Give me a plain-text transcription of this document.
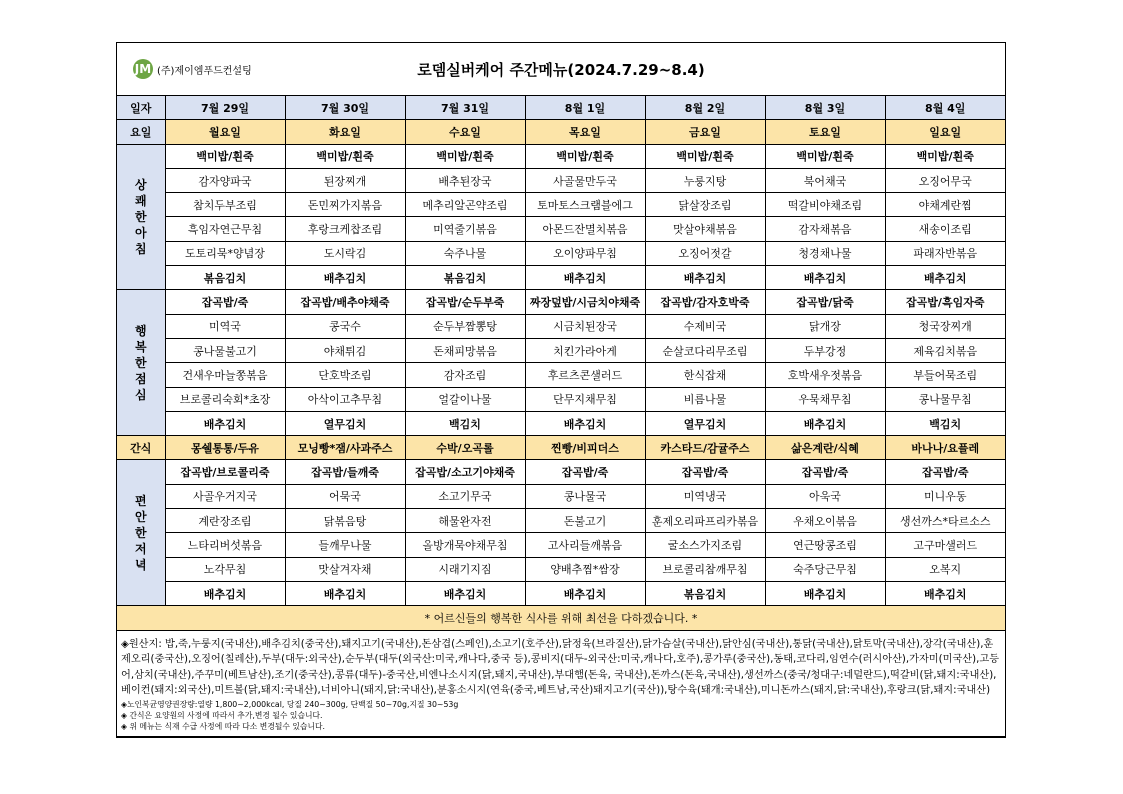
JM (주)제이엠푸드컨설팅	로뎀실버케어 주간메뉴(2024.7.29~8.4)
일자	7월 29일	7월 30일	7월 31일	8월 1일	8월 2일	8월 3일	8월 4일
요일	월요일	화요일	수요일	목요일	금요일	토요일	일요일

상
쾌
한
아
침	백미밥/흰죽	백미밥/흰죽	백미밥/흰죽	백미밥/흰죽	백미밥/흰죽	백미밥/흰죽	백미밥/흰죽
	감자양파국	된장찌개	배추된장국	사골물만두국	누룽지탕	북어채국	오징어무국
	참치두부조림	돈민찌가지볶음	메추리알곤약조림	토마토스크램블에그	닭살장조림	떡갈비야채조림	야채계란찜
	흑임자연근무침	후랑크케찹조림	미역줄기볶음	아몬드잔멸치볶음	맛살야채볶음	감자채볶음	새송이조림
	도토리묵*양념장	도시락김	숙주나물	오이양파무침	오징어젓갈	청경채나물	파래자반볶음
	볶음김치	배추김치	볶음김치	배추김치	배추김치	배추김치	배추김치

행
복
한
점
심	잡곡밥/죽	잡곡밥/배추야채죽	잡곡밥/순두부죽	짜장덮밥/시금치야채죽	잡곡밥/감자호박죽	잡곡밥/닭죽	잡곡밥/흑임자죽
	미역국	콩국수	순두부짬뽕탕	시금치된장국	수제비국	닭개장	청국장찌개
	콩나물불고기	야채튀김	돈채피망볶음	치킨가라아게	순살코다리무조림	두부강정	제육김치볶음
	건새우마늘쫑볶음	단호박조림	감자조림	후르츠콘샐러드	한식잡채	호박새우젓볶음	부들어묵조림
	브로콜리숙회*초장	아삭이고추무침	얼갈이나물	단무지채무침	비름나물	우묵채무침	콩나물무침
	배추김치	열무김치	백김치	배추김치	열무김치	배추김치	백김치
간식	몽쉘통통/두유	모닝빵*잼/사과주스	수박/오곡롤	찐빵/비피더스	카스타드/감귤주스	삶은계란/식혜	바나나/요플레

편
안
한
저
녁	잡곡밥/브로콜리죽	잡곡밥/들깨죽	잡곡밥/소고기야채죽	잡곡밥/죽	잡곡밥/죽	잡곡밥/죽	잡곡밥/죽
	사골우거지국	어묵국	소고기무국	콩나물국	미역냉국	아욱국	미니우동
	계란장조림	닭볶음탕	해물완자전	돈불고기	훈제오리파프리카볶음	우채오이볶음	생선까스*타르소스
	느타리버섯볶음	들깨무나물	올방개묵야채무침	고사리들깨볶음	굴소스가지조림	연근땅콩조림	고구마샐러드
	노각무침	맛살겨자채	시래기지짐	양배추찜*쌈장	브로콜리참깨무침	숙주당근무침	오복지
	배추김치	배추김치	배추김치	배추김치	볶음김치	배추김치	배추김치
* 어르신들의 행복한 식사를 위해 최선을 다하겠습니다. *							

◈원산지: 밥,죽,누룽지(국내산),배추김치(중국산),돼지고기(국내산),돈삼겹(스페인),소고기(호주산),닭정육(브라질산),닭가슴살(국내산),닭안심(국내산),통닭(국내산),닭토막(국내산),장각(국내산),훈제오리(중국산),오징어(칠레산),두부(대두:외국산),순두부(대두(외국산:미국,캐나다,중국 등),콩비지(대두-외국산:미국,캐나다,호주),콩가루(중국산),동태,코다리,임연수(러시아산),가자미(미국산),고등어,삼치(국내산),주꾸미(베트남산),조기(중국산),콩류(대두)-중국산,비엔나소시지(닭,돼지,국내산),부대햄(돈육, 국내산),돈까스(돈육,국내산),생선까스(중국/청대구:네덜란드),떡갈비(닭,돼지:국내산),베이컨(돼지:외국산),미트볼(닭,돼지:국내산),너비아니(돼지,닭:국내산),분홍소시지(연육(중국,베트남,국산)돼지고기(국산)),탕수육(돼개:국내산),미니돈까스(돼지,닭:국내산),후랑크(닭,돼지:국내산)
◈노인복균영양권장량:열량 1,800~2,000kcal, 당질 240~300g, 단백질 50~70g,지질 30~53g
◈ 간식은 요양원의 사정에 따라서 추가,변경 될수 있습니다.
◈ 위 메뉴는 식재 수급 사정에 따라 다소 변경될수 있습니다.							
